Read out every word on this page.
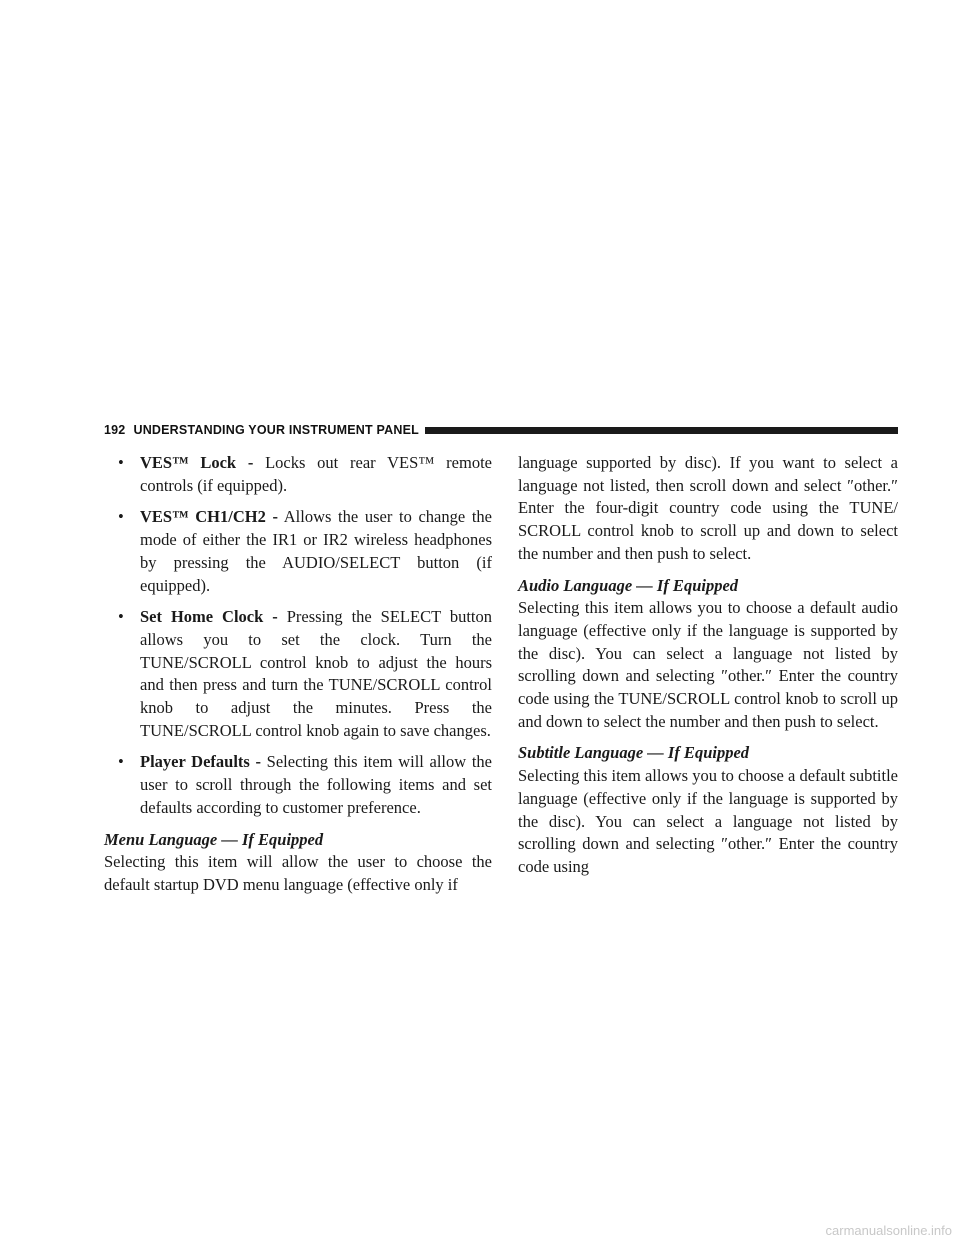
192 UNDERSTANDING YOUR INSTRUMENT PANEL
• VES™ Lock - Locks out rear VES™ remote controls (if equipped).
• VES™ CH1/CH2 - Allows the user to change the mode of either the IR1 or IR2 wireless headphones by pressing the AUDIO/SELECT button (if equipped).
• Set Home Clock - Pressing the SELECT button allows you to set the clock. Turn the TUNE/SCROLL control knob to adjust the hours and then press and turn the TUNE/SCROLL control knob to adjust the minutes. Press the TUNE/SCROLL control knob again to save changes.
• Player Defaults - Selecting this item will allow the user to scroll through the following items and set defaults according to customer preference.
Menu Language — If Equipped

Selecting this item will allow the user to choose the default startup DVD menu language (effective only if

language supported by disc). If you want to select a language not listed, then scroll down and select ″other.″ Enter the four-digit country code using the TUNE/ SCROLL control knob to scroll up and down to select the number and then push to select.

Audio Language — If Equipped

Selecting this item allows you to choose a default audio language (effective only if the language is supported by the disc). You can select a language not listed by scrolling down and selecting ″other.″ Enter the country code using the TUNE/SCROLL control knob to scroll up and down to select the number and then push to select.

Subtitle Language — If Equipped

Selecting this item allows you to choose a default subtitle language (effective only if the language is supported by the disc). You can select a language not listed by scrolling down and selecting ″other.″ Enter the country code using

carmanualsonline.info
